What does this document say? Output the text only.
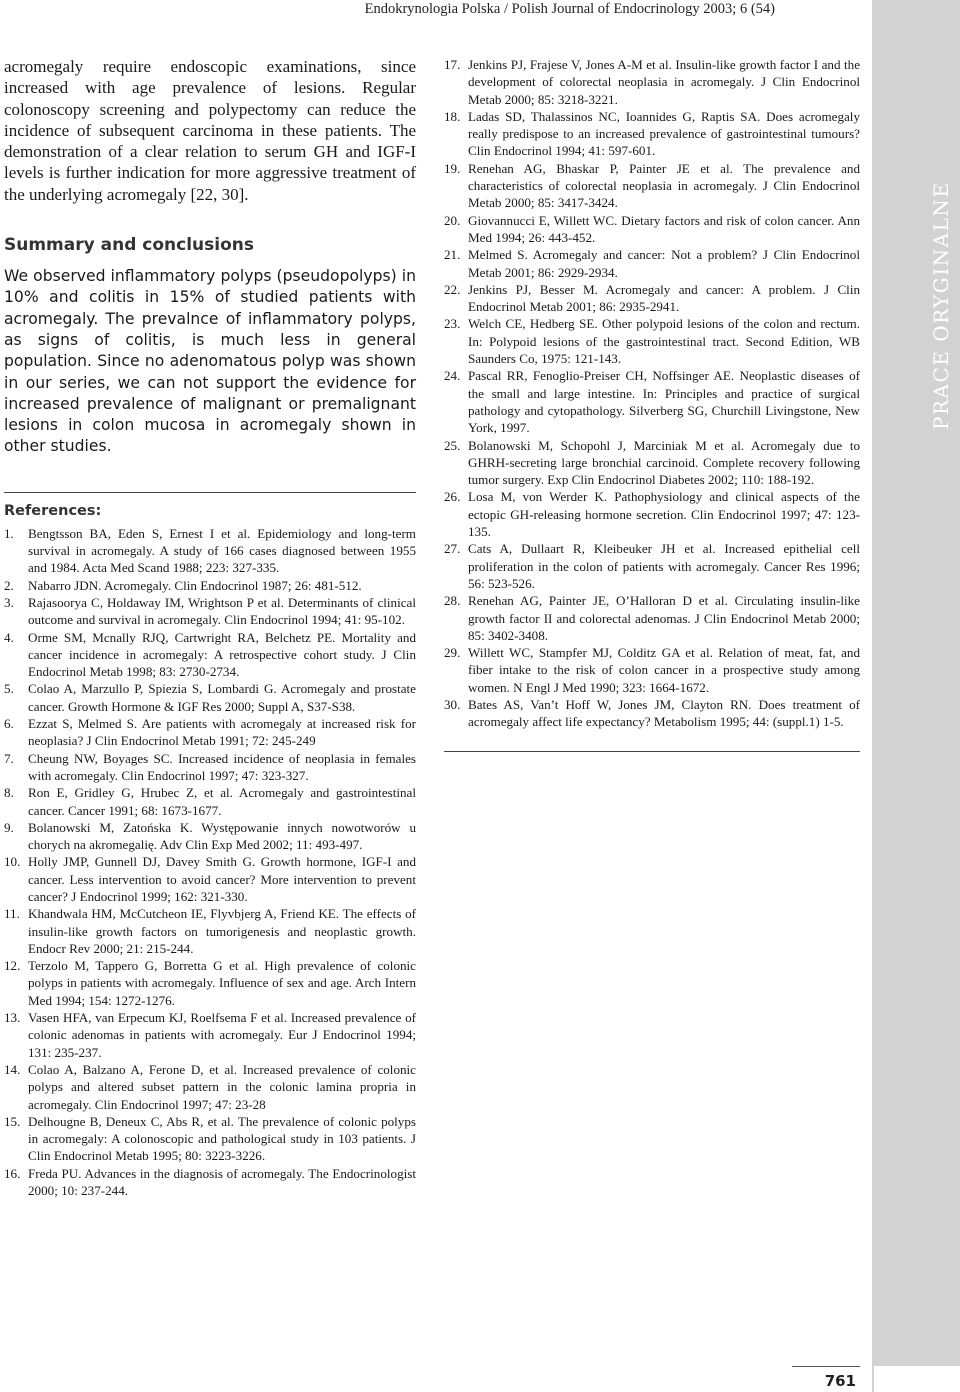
Endokrynologia Polska / Polish Journal of Endocrinology 2003; 6 (54)
PRACE ORYGINALNE

acromegaly require endoscopic examinations, since increased with age prevalence of lesions. Regular colonoscopy screening and polypectomy can reduce the incidence of subsequent carcinoma in these patients. The demonstration of a clear relation to serum GH and IGF-I levels is further indication for more aggressive treatment of the underlying acromegaly [22, 30].

Summary and conclusions

We observed inflammatory polyps (pseudopolyps) in 10% and colitis in 15% of studied patients with acromegaly. The prevalnce of inflammatory polyps, as signs of colitis, is much less in general population. Since no adenomatous polyp was shown in our series, we can not support the evidence for increased prevalence of malignant or premalignant lesions in colon mucosa in acromegaly shown in other studies.

References:
1. Bengtsson BA, Eden S, Ernest I et al. Epidemiology and long-term survival in acromegaly. A study of 166 cases diagnosed between 1955 and 1984. Acta Med Scand 1988; 223: 327-335.
2. Nabarro JDN. Acromegaly. Clin Endocrinol 1987; 26: 481-512.
3. Rajasoorya C, Holdaway IM, Wrightson P et al. Determinants of clinical outcome and survival in acromegaly. Clin Endocrinol 1994; 41: 95-102.
4. Orme SM, Mcnally RJQ, Cartwright RA, Belchetz PE. Mortality and cancer incidence in acromegaly: A retrospective cohort study. J Clin Endocrinol Metab 1998; 83: 2730-2734.
5. Colao A, Marzullo P, Spiezia S, Lombardi G. Acromegaly and prostate cancer. Growth Hormone & IGF Res 2000; Suppl A, S37-S38.
6. Ezzat S, Melmed S. Are patients with acromegaly at increased risk for neoplasia? J Clin Endocrinol Metab 1991; 72: 245-249
7. Cheung NW, Boyages SC. Increased incidence of neoplasia in females with acromegaly. Clin Endocrinol 1997; 47: 323-327.
8. Ron E, Gridley G, Hrubec Z, et al. Acromegaly and gastrointestinal cancer. Cancer 1991; 68: 1673-1677.
9. Bolanowski M, Zatońska K. Występowanie innych nowotworów u chorych na akromegalię. Adv Clin Exp Med 2002; 11: 493-497.
10. Holly JMP, Gunnell DJ, Davey Smith G. Growth hormone, IGF-I and cancer. Less intervention to avoid cancer? More intervention to prevent cancer? J Endocrinol 1999; 162: 321-330.
11. Khandwala HM, McCutcheon IE, Flyvbjerg A, Friend KE. The effects of insulin-like growth factors on tumorigenesis and neoplastic growth. Endocr Rev 2000; 21: 215-244.
12. Terzolo M, Tappero G, Borretta G et al. High prevalence of colonic polyps in patients with acromegaly. Influence of sex and age. Arch Intern Med 1994; 154: 1272-1276.
13. Vasen HFA, van Erpecum KJ, Roelfsema F et al. Increased prevalence of colonic adenomas in patients with acromegaly. Eur J Endocrinol 1994; 131: 235-237.
14. Colao A, Balzano A, Ferone D, et al. Increased prevalence of colonic polyps and altered subset pattern in the colonic lamina propria in acromegaly. Clin Endocrinol 1997; 47: 23-28
15. Delhougne B, Deneux C, Abs R, et al. The prevalence of colonic polyps in acromegaly: A colonoscopic and pathological study in 103 patients. J Clin Endocrinol Metab 1995; 80: 3223-3226.
16. Freda PU. Advances in the diagnosis of acromegaly. The Endocrinologist 2000; 10: 237-244.
17. Jenkins PJ, Frajese V, Jones A-M et al. Insulin-like growth factor I and the development of colorectal neoplasia in acromegaly. J Clin Endocrinol Metab 2000; 85: 3218-3221.
18. Ladas SD, Thalassinos NC, Ioannides G, Raptis SA. Does acromegaly really predispose to an increased prevalence of gastrointestinal tumours? Clin Endocrinol 1994; 41: 597-601.
19. Renehan AG, Bhaskar P, Painter JE et al. The prevalence and characteristics of colorectal neoplasia in acromegaly. J Clin Endocrinol Metab 2000; 85: 3417-3424.
20. Giovannucci E, Willett WC. Dietary factors and risk of colon cancer. Ann Med 1994; 26: 443-452.
21. Melmed S. Acromegaly and cancer: Not a problem? J Clin Endocrinol Metab 2001; 86: 2929-2934.
22. Jenkins PJ, Besser M. Acromegaly and cancer: A problem. J Clin Endocrinol Metab 2001; 86: 2935-2941.
23. Welch CE, Hedberg SE. Other polypoid lesions of the colon and rectum. In: Polypoid lesions of the gastrointestinal tract. Second Edition, WB Saunders Co, 1975: 121-143.
24. Pascal RR, Fenoglio-Preiser CH, Noffsinger AE. Neoplastic diseases of the small and large intestine. In: Principles and practice of surgical pathology and cytopathology. Silverberg SG, Churchill Livingstone, New York, 1997.
25. Bolanowski M, Schopohl J, Marciniak M et al. Acromegaly due to GHRH-secreting large bronchial carcinoid. Complete recovery following tumor surgery. Exp Clin Endocrinol Diabetes 2002; 110: 188-192.
26. Losa M, von Werder K. Pathophysiology and clinical aspects of the ectopic GH-releasing hormone secretion. Clin Endocrinol 1997; 47: 123-135.
27. Cats A, Dullaart R, Kleibeuker JH et al. Increased epithelial cell proliferation in the colon of patients with acromegaly. Cancer Res 1996; 56: 523-526.
28. Renehan AG, Painter JE, O’Halloran D et al. Circulating insulin-like growth factor II and colorectal adenomas. J Clin Endocrinol Metab 2000; 85: 3402-3408.
29. Willett WC, Stampfer MJ, Colditz GA et al. Relation of meat, fat, and fiber intake to the risk of colon cancer in a prospective study among women. N Engl J Med 1990; 323: 1664-1672.
30. Bates AS, Van’t Hoff W, Jones JM, Clayton RN. Does treatment of acromegaly affect life expectancy? Metabolism 1995; 44: (suppl.1) 1-5.
761
